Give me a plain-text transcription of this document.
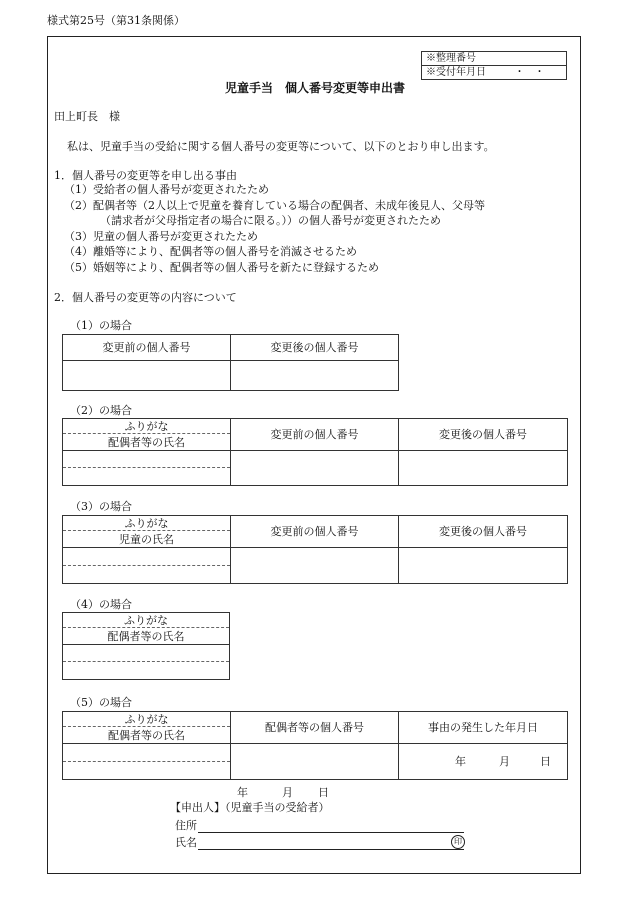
様式第25号（第31条関係）
※整理番号
※受付年月日	・　・
児童手当　個人番号変更等申出書
田上町長　様
私は、児童手当の受給に関する個人番号の変更等について、以下のとおり申し出ます。
1．個人番号の変更等を申し出る事由
（1）受給者の個人番号が変更されたため
（2）配偶者等（2人以上で児童を養育している場合の配偶者、未成年後見人、父母等
（請求者が父母指定者の場合に限る。））の個人番号が変更されたため
（3）児童の個人番号が変更されたため
（4）離婚等により、配偶者等の個人番号を消滅させるため
（5）婚姻等により、配偶者等の個人番号を新たに登録するため
2．個人番号の変更等の内容について
（1）の場合
変更前の個人番号	変更後の個人番号

（2）の場合
ふりがな	変更前の個人番号	変更後の個人番号
配偶者等の氏名		

（3）の場合
ふりがな	変更前の個人番号	変更後の個人番号
児童の氏名		

（4）の場合
ふりがな
配偶者等の氏名

（5）の場合
ふりがな	配偶者等の個人番号	事由の発生した年月日
配偶者等の氏名		

		年 月 日

年	月 日
【申出人】（児童手当の受給者）
住所
氏名	印
